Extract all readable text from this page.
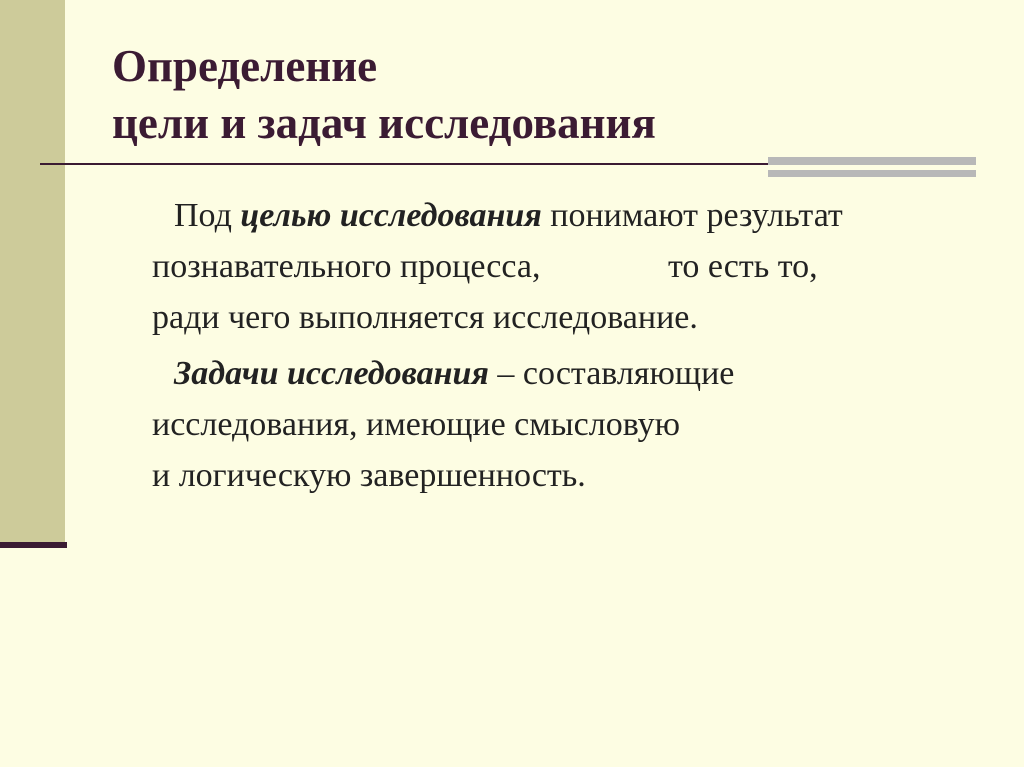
Определение
цели и задач исследования

Под целью исследования понимают результат
познавательного процесса,               то есть то,
ради чего выполняется исследование.

Задачи исследования – составляющие
исследования, имеющие смысловую
и логическую завершенность.
